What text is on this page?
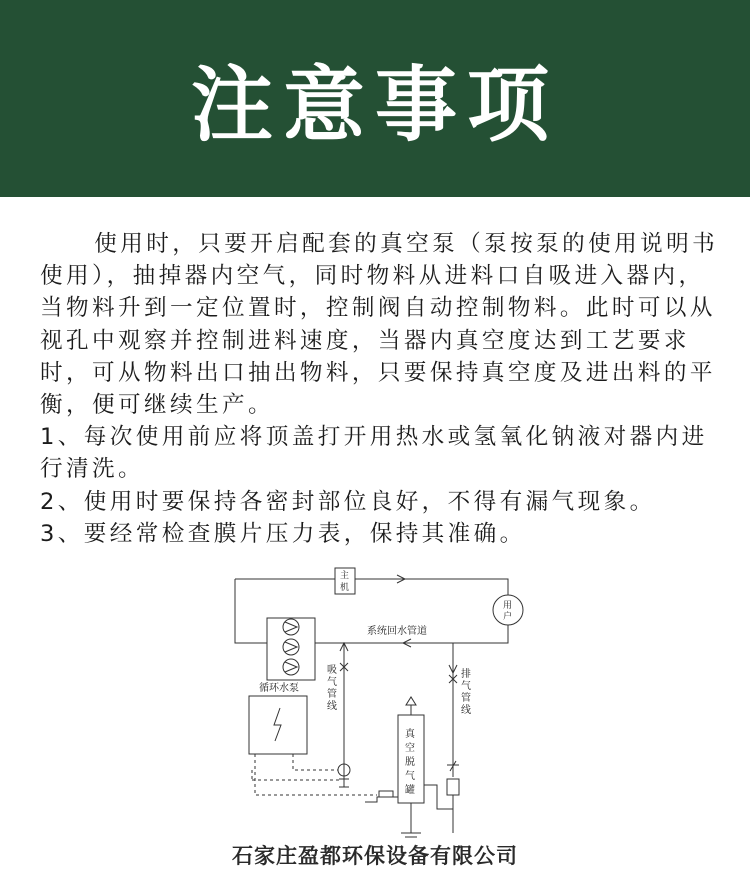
注意事项

使用时，只要开启配套的真空泵（泵按泵的使用说明书使用），抽掉器内空气，同时物料从进料口自吸进入器内，当物料升到一定位置时，控制阀自动控制物料。此时可以从视孔中观察并控制进料速度，当器内真空度达到工艺要求时，可从物料出口抽出物料，只要保持真空度及进出料的平衡，便可继续生产。

1、每次使用前应将顶盖打开用热水或氢氧化钠液对器内进行清洗。

2、使用时要保持各密封部位良好，不得有漏气现象。

3、要经常检查膜片压力表，保持其准确。

主
机
用
户
系统回水管道
循环水泵
吸
气
管
线
排
气
管
线
真
空
脱
气
罐
石家庄盈都环保设备有限公司
